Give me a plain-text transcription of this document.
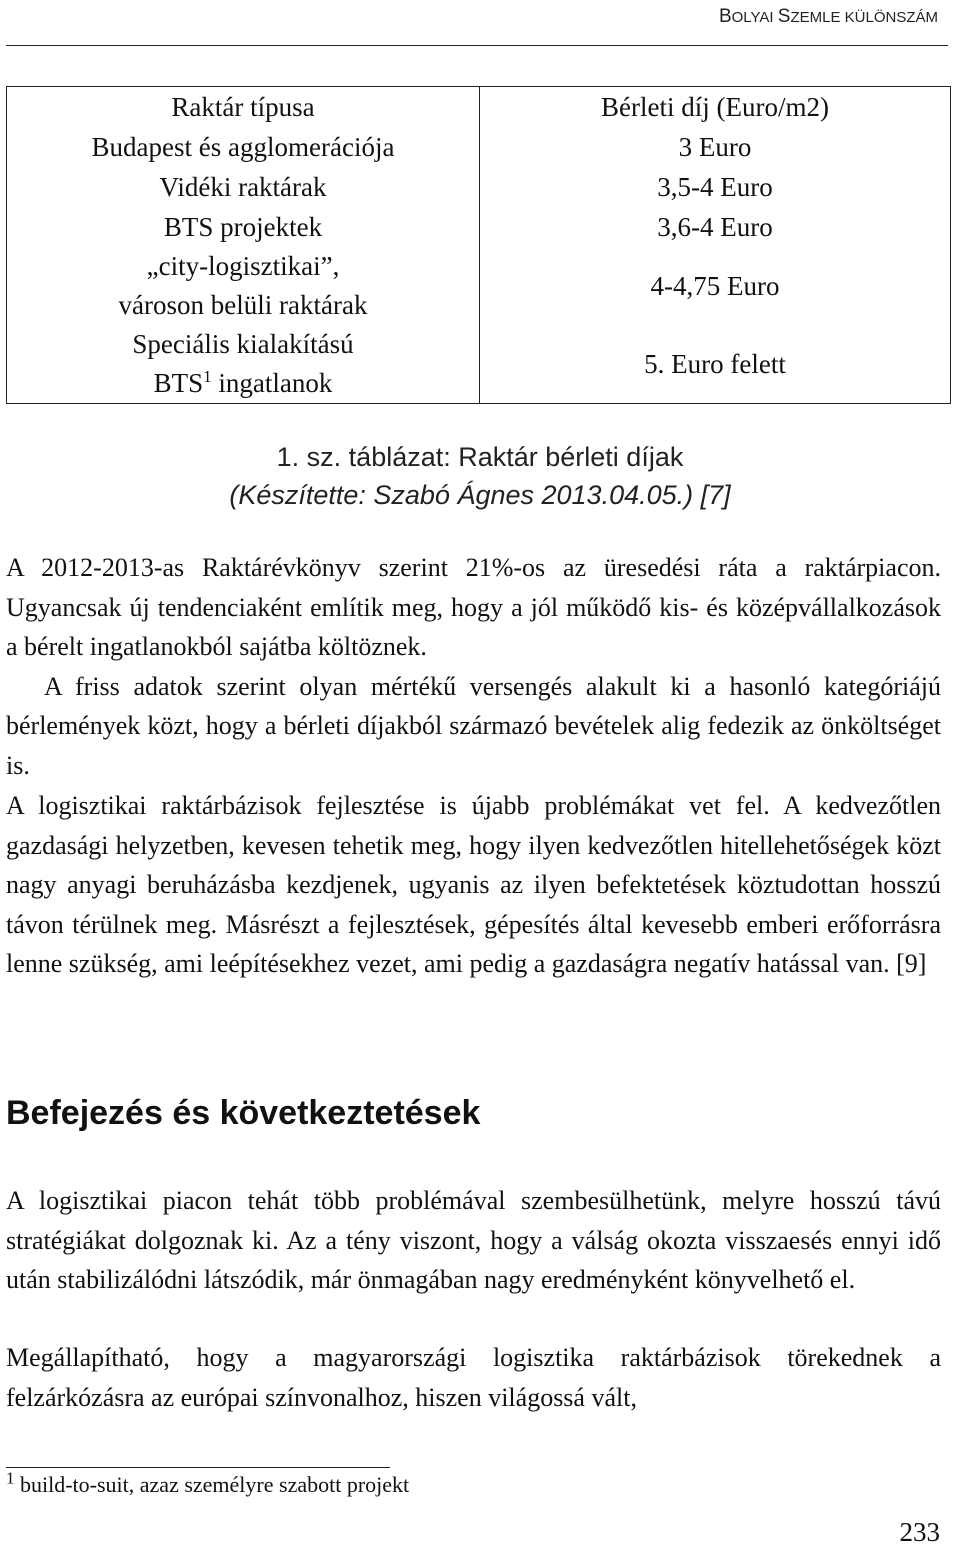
BOLYAI SZEMLE KÜLÖNSZÁM
Raktár típusa	Bérleti díj (Euro/m2)
Budapest és agglomerációja	3 Euro
Vidéki raktárak	3,5-4 Euro
BTS projektek	3,6-4 Euro

„city-logisztikai”,
városon belüli raktárak	4-4,75 Euro

Speciális kialakítású
BTS$^1$ ingatlanok	5. Euro felett
1. sz. táblázat: Raktár bérleti díjak
(Készítette: Szabó Ágnes 2013.04.05.) [7]
A 2012-2013-as Raktárévkönyv szerint 21%-os az üresedési ráta a raktárpiacon. Ugyancsak új tendenciaként említik meg, hogy a jól működő kis- és középvállalkozások a bérelt ingatlanokból sajátba költöznek.
A friss adatok szerint olyan mértékű versengés alakult ki a hasonló kategóriájú bérlemények közt, hogy a bérleti díjakból származó bevételek alig fedezik az önköltséget is.
A logisztikai raktárbázisok fejlesztése is újabb problémákat vet fel. A kedvezőtlen gazdasági helyzetben, kevesen tehetik meg, hogy ilyen kedvezőtlen hitellehetőségek közt nagy anyagi beruházásba kezdjenek, ugyanis az ilyen befektetések köztudottan hosszú távon térülnek meg. Másrészt a fejlesztések, gépesítés által kevesebb emberi erőforrásra lenne szükség, ami leépítésekhez vezet, ami pedig a gazdaságra negatív hatással van. [9]
Befejezés és következtetések
A logisztikai piacon tehát több problémával szembesülhetünk, melyre hosszú távú stratégiákat dolgoznak ki. Az a tény viszont, hogy a válság okozta visszaesés ennyi idő után stabilizálódni látszódik, már önmagában nagy eredményként könyvelhető el.
Megállapítható, hogy a magyarországi logisztika raktárbázisok törekednek a felzárkózásra az európai színvonalhoz, hiszen világossá vált,
$^1$ build-to-suit, azaz személyre szabott projekt
233
